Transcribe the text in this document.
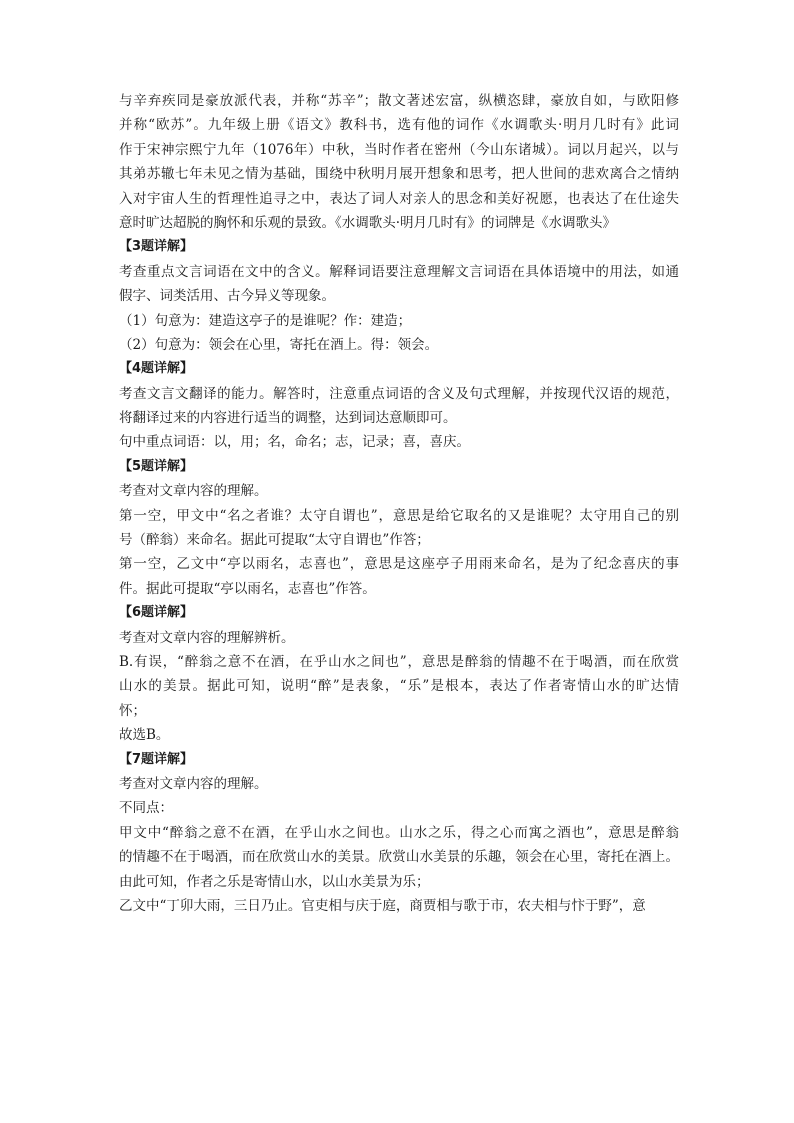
与辛弃疾同是豪放派代表，并称“苏辛”；散文著述宏富，纵横恣肆，豪放自如，与欧阳修
并称“欧苏”。九年级上册《语文》教科书，选有他的词作《水调歌头·明月几时有》此词
作于宋神宗熙宁九年（1076年）中秋，当时作者在密州（今山东诸城）。词以月起兴，以与
其弟苏辙七年未见之情为基础，围绕中秋明月展开想象和思考，把人世间的悲欢离合之情纳
入对宇宙人生的哲理性追寻之中，表达了词人对亲人的思念和美好祝愿，也表达了在仕途失
意时旷达超脱的胸怀和乐观的景致。《水调歌头·明月几时有》的词牌是《水调歌头》
【3题详解】
考查重点文言词语在文中的含义。解释词语要注意理解文言词语在具体语境中的用法，如通
假字、词类活用、古今异义等现象。
（1）句意为：建造这亭子的是谁呢？作：建造；
（2）句意为：领会在心里，寄托在酒上。得：领会。
【4题详解】
考查文言文翻译的能力。解答时，注意重点词语的含义及句式理解，并按现代汉语的规范，
将翻译过来的内容进行适当的调整，达到词达意顺即可。
句中重点词语：以，用；名，命名；志，记录；喜，喜庆。
【5题详解】
考查对文章内容的理解。
第一空，甲文中“名之者谁？太守自谓也”，意思是给它取名的又是谁呢？太守用自己的别
号（醉翁）来命名。据此可提取“太守自谓也”作答；
第一空，乙文中“亭以雨名，志喜也”，意思是这座亭子用雨来命名，是为了纪念喜庆的事
件。据此可提取“亭以雨名，志喜也”作答。
【6题详解】
考查对文章内容的理解辨析。
B.有误，“醉翁之意不在酒，在乎山水之间也”，意思是醉翁的情趣不在于喝酒，而在欣赏
山水的美景。据此可知，说明“醉”是表象，“乐”是根本，表达了作者寄情山水的旷达情
怀；
故选B。
【7题详解】
考查对文章内容的理解。
不同点：
甲文中“醉翁之意不在酒，在乎山水之间也。山水之乐，得之心而寓之酒也”，意思是醉翁
的情趣不在于喝酒，而在欣赏山水的美景。欣赏山水美景的乐趣，领会在心里，寄托在酒上。
由此可知，作者之乐是寄情山水，以山水美景为乐；
乙文中“丁卯大雨，三日乃止。官吏相与庆于庭，商贾相与歌于市，农夫相与忭于野”，意
